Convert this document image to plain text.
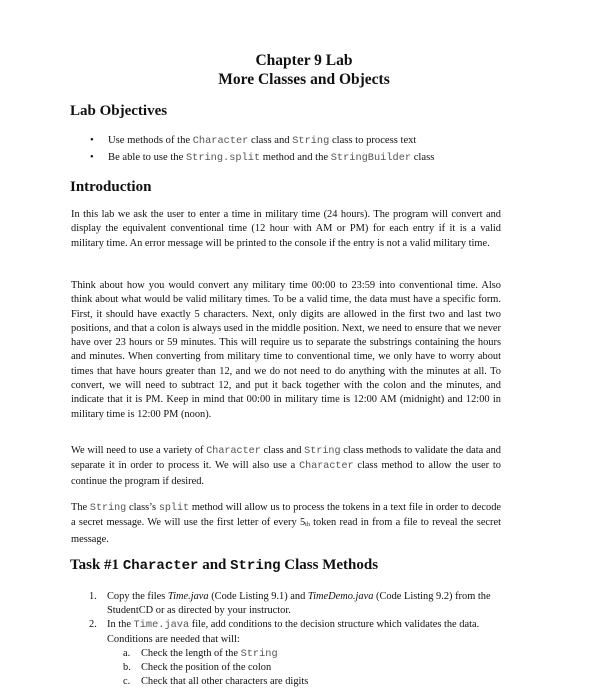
Chapter 9 Lab
More Classes and Objects
Lab Objectives
• Use methods of the Character class and String class to process text
• Be able to use the String.split method and the StringBuilder class
Introduction

In this lab we ask the user to enter a time in military time (24 hours). The program will convert and display the equivalent conventional time (12 hour with AM or PM) for each entry if it is a valid military time. An error message will be printed to the console if the entry is not a valid military time.

Think about how you would convert any military time 00:00 to 23:59 into conventional time. Also think about what would be valid military times. To be a valid time, the data must have a specific form. First, it should have exactly 5 characters. Next, only digits are allowed in the first two and last two positions, and that a colon is always used in the middle position. Next, we need to ensure that we never have over 23 hours or 59 minutes. This will require us to separate the substrings containing the hours and minutes. When converting from military time to conventional time, we only have to worry about times that have hours greater than 12, and we do not need to do anything with the minutes at all. To convert, we will need to subtract 12, and put it back together with the colon and the minutes, and indicate that it is PM. Keep in mind that 00:00 in military time is 12:00 AM (midnight) and 12:00 in military time is 12:00 PM (noon).

We will need to use a variety of Character class and String class methods to validate the data and separate it in order to process it. We will also use a Character class method to allow the user to continue the program if desired.

The String class’s split method will allow us to process the tokens in a text file in order to decode a secret message. We will use the first letter of every $5_{th}$ token read in from a file to reveal the secret message.

Task #1 Character and String Class Methods
1. Copy the files Time.java (Code Listing 9.1) and TimeDemo.java (Code Listing 9.2) from the StudentCD or as directed by your instructor.
2. In the Time.java file, add conditions to the decision structure which validates the data. Conditions are needed that will:
a. Check the length of the String
b. Check the position of the colon
c. Check that all other characters are digits
